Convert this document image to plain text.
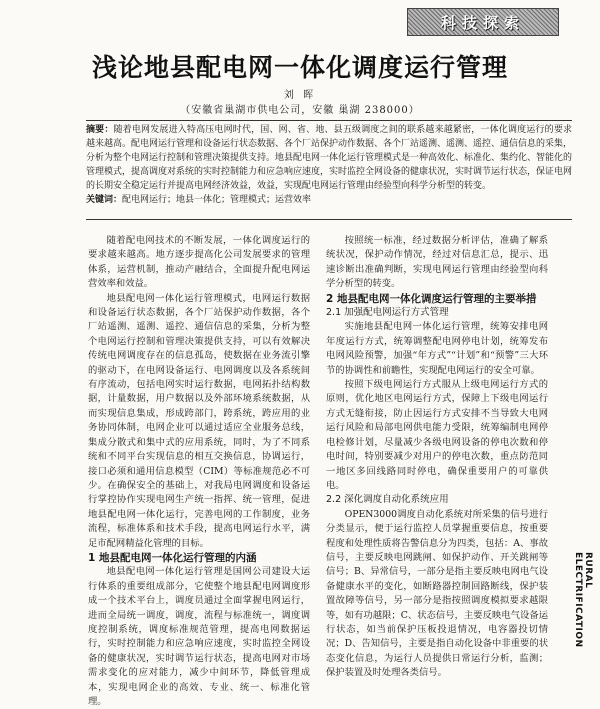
科技探索
浅论地县配电网一体化调度运行管理
刘 晖
（安徽省巢湖市供电公司，安徽 巢湖 238000）
摘要：随着电网发展进入特高压电网时代，国、网、省、地、县五级调度之间的联系越来越紧密，一体化调度运行的要求越来越高。配电网运行管理和设备运行状态数据、各个厂站保护动作数据、各个厂站遥测、遥测、遥控、通信信息的采集，分析为整个电网运行控制和管理决策提供支持。地县配电网一体化运行管理模式是一种高效化、标准化、集约化、智能化的管理模式，提高调度对系统的实时控制能力和应急响应速度，实时监控全网设备的健康状况，实时调节运行状态，保证电网的长期安全稳定运行并提高电网经济效益，效益，实现配电网运行管理由经验型向科学分析型的转变。
关键词：配电网运行；地县一体化；管理模式；运营效率

随着配电网技术的不断发展，一体化调度运行的要求越来越高。地方逐步提高化公司发展要求的管理体系，运营机制，推动产融结合，全面提升配电网运营效率和效益。

地县配电网一体化运行管理模式，电网运行数据和设备运行状态数据，各个厂站保护动作数据，各个厂站遥测、遥测、遥控、通信信息的采集，分析为整个电网运行控制和管理决策提供支持，可以有效解决传统电网调度存在的信息孤岛，使数据在业务流引擎的驱动下，在电网设备运行、电网调度以及各系统间有序流动，包括电网实时运行数据，电网拓扑结构数据，计量数据，用户数据以及外部环境系统数据，从而实现信息集成，形成跨部门，跨系统，跨应用的业务协同体制，电网企业可以通过适应全业服务总线，集成分散式和集中式的应用系统，同时，为了不同系统和不同平台实现信息的相互交换信息，协调运行，接口必须和通用信息模型（CIM）等标准规范必不可少。在确保安全的基础上，对我局电网调度和设备运行掌控协作实现电网生产统一指挥、统一管理，促进地县配电网一体化运行，完善电网的工作制度，业务流程，标准体系和技术手段，提高电网运行水平，满足市配网精益化管理的目标。

1 地县配电网一体化运行管理的内涵

地县配电网一体化运行管理是国网公司建设大运行体系的重要组成部分，它使整个地县配电网调度形成一个技术平台上，调度员通过全面掌握电网运行，进而全局统一调度，调度，流程与标准统一，调度调度控制系统，调度标准规范管理，提高电网数据运行，实时控制能力和应急响应速度，实时监控全网设备的健康状况，实时调节运行状态，提高电网对市场需求变化的应对能力，减少中间环节，降低管理成本，实现电网企业的高效、专业、统一、标准化管理。

按照统一标准，经过数据分析评估，准确了解系统状况，保护动作情况，经过对信息汇总，提示、迅速诊断出准确判断，实现电网运行管理由经验型向科学分析型的转变。

2 地县配电网一体化调度运行管理的主要举措

2.1 加强配电网运行方式管理

实施地县配电网一体化运行管理，统筹安排电网年度运行方式，统筹调整配电网停电计划，统筹发布电网风险预警，加强“年方式”“计划”和“预警”三大环节的协调性和前瞻性，实现配电网运行的安全可靠。

按照下级电网运行方式服从上级电网运行方式的原则，优化地区电网运行方式，保障上下级电网运行方式无缝衔接，防止因运行方式安排不当导致大电网运行风险和局部电网供电能力受限，统筹编制电网停电检修计划，尽量减少各级电网设备的停电次数和停电时间，特别要减少对用户的停电次数，重点防范同一地区多回线路同时停电，确保重要用户的可靠供电。

2.2 深化调度自动化系统应用

OPEN3000调度自动化系统对所采集的信号进行分类显示，便于运行监控人员掌握重要信息，按重要程度和处理性质将告警信息分为四类，包括：A、事故信号，主要反映电网跳闸、如保护动作、开关跳闸等信号；B、异常信号，一部分是指主要反映电网电气设备健康水平的变化，如断路器控制回路断线，保护装置故障等信号，另一部分是指按照调度模拟要求越限等，如有功越限；C、状态信号，主要反映电气设备运行状态，如当前保护压板投退情况，电容器投切情况；D、告知信号，主要是指自动化设备中非重要的状态变化信息，为运行人员提供日常运行分析，监测；保护装置及时处理各类信号。

RURAL ELECTRIFICATION
